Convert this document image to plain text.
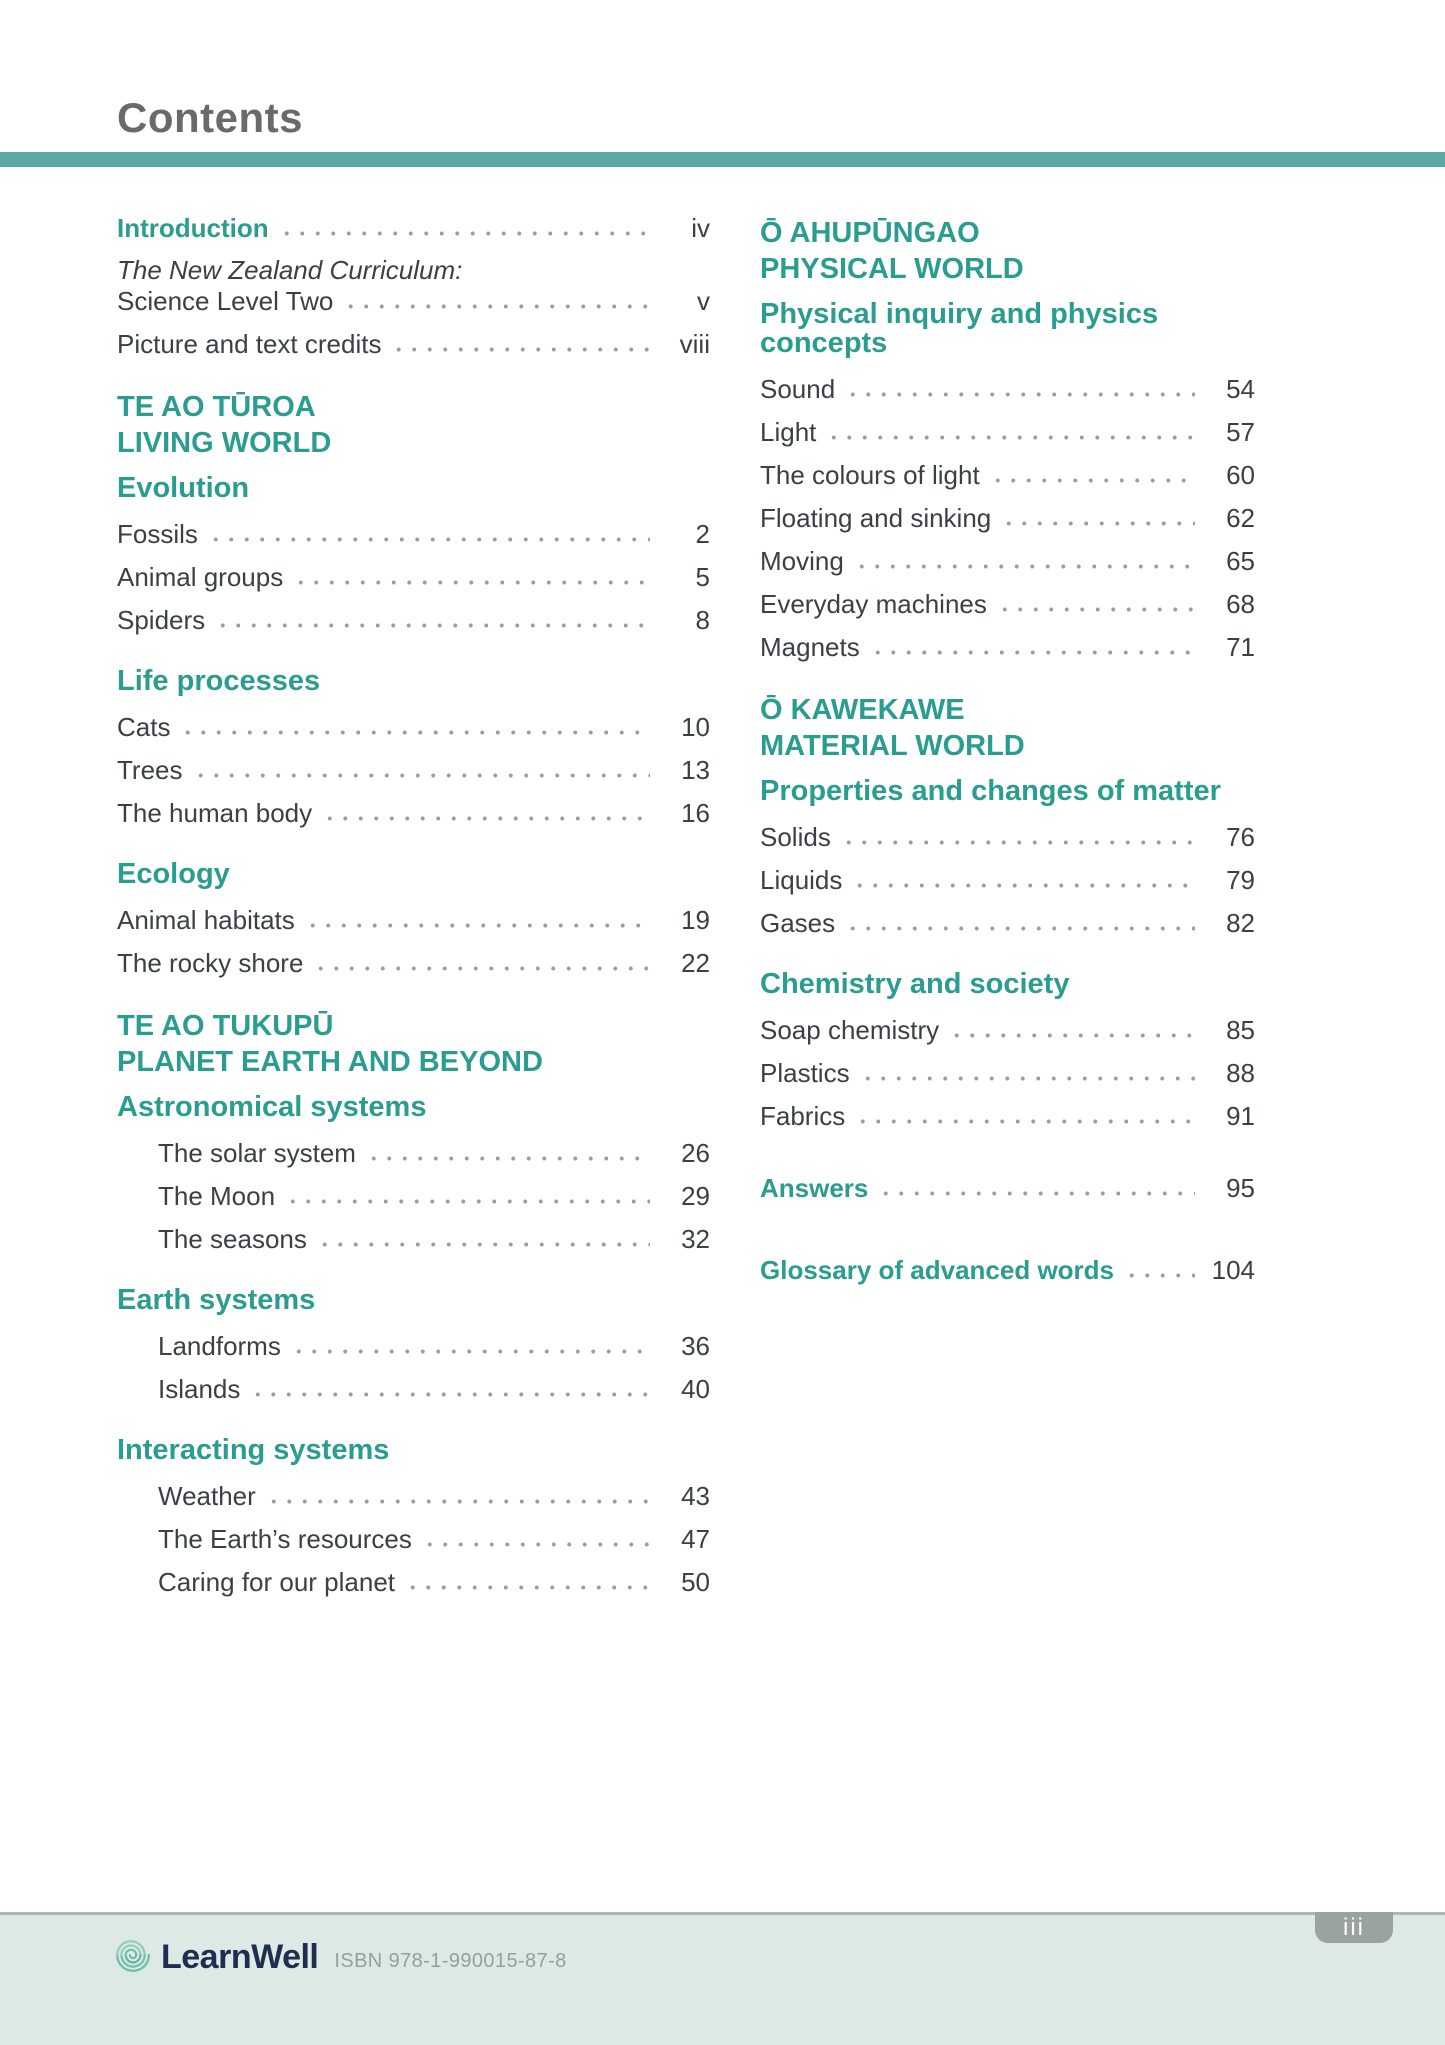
Contents
Introduction	iv
The New Zealand Curriculum:
Science Level Two	v
Picture and text credits	viii
TE AO TŪROA
LIVING WORLD
Evolution
Fossils	2
Animal groups	5
Spiders	8
Life processes
Cats	10
Trees	13
The human body	16
Ecology
Animal habitats	19
The rocky shore	22
TE AO TUKUPŪ
PLANET EARTH AND BEYOND
Astronomical systems
The solar system	26
The Moon	29
The seasons	32
Earth systems
Landforms	36
Islands	40
Interacting systems
Weather	43
The Earth’s resources	47
Caring for our planet	50
Ō AHUPŪNGAO
PHYSICAL WORLD
Physical inquiry and physics concepts
Sound	54
Light	57
The colours of light	60
Floating and sinking	62
Moving	65
Everyday machines	68
Magnets	71
Ō KAWEKAWE
MATERIAL WORLD
Properties and changes of matter
Solids	76
Liquids	79
Gases	82
Chemistry and society
Soap chemistry	85
Plastics	88
Fabrics	91
Answers	95
Glossary of advanced words	104
iii
LearnWell ISBN 978-1-990015-87-8
